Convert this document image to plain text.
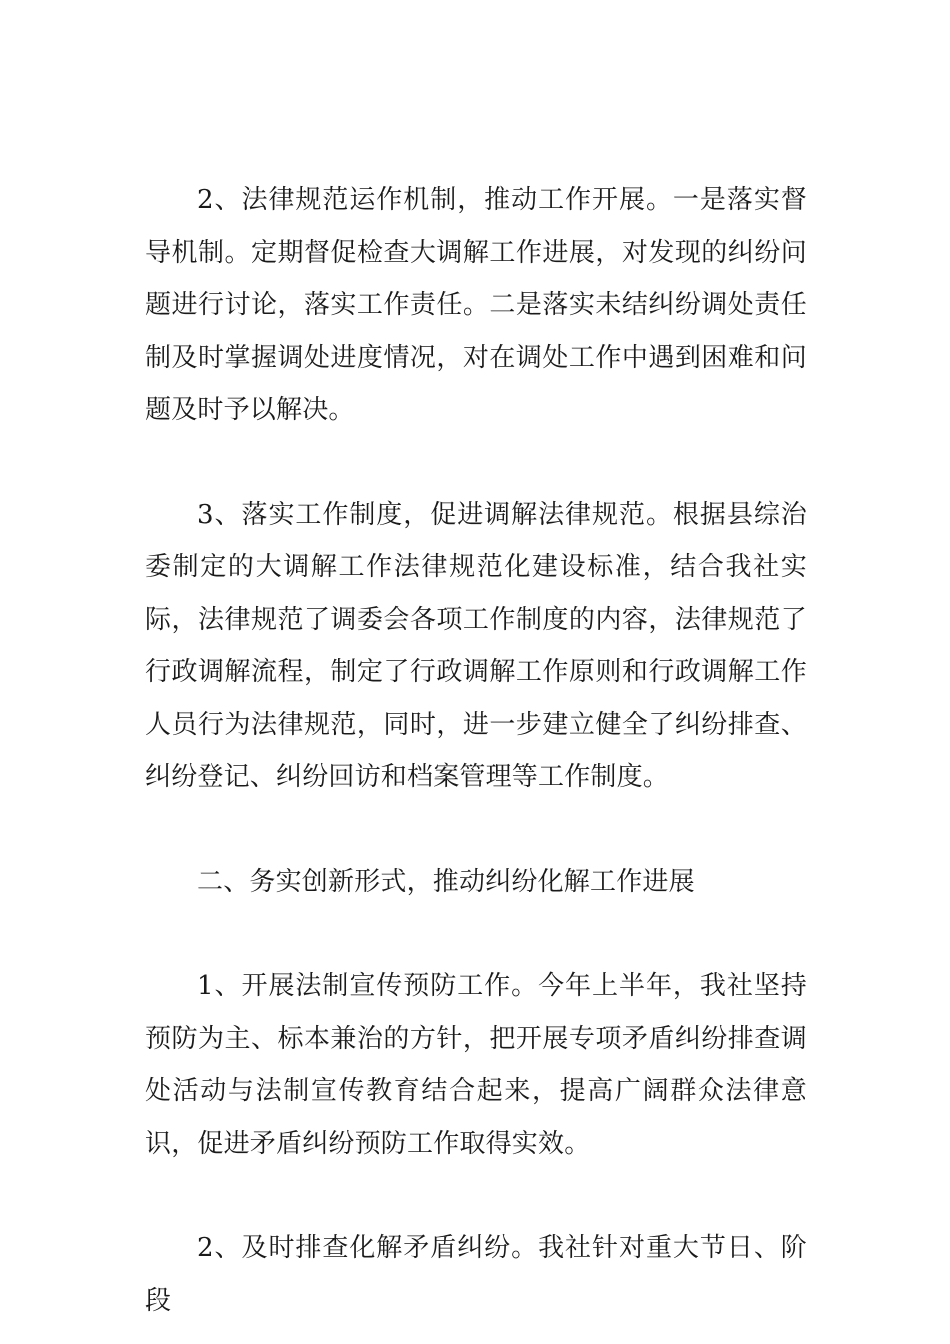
2、法律规范运作机制，推动工作开展。一是落实督导机制。定期督促检查大调解工作进展，对发现的纠纷问题进行讨论，落实工作责任。二是落实未结纠纷调处责任制及时掌握调处进度情况，对在调处工作中遇到困难和问题及时予以解决。

3、落实工作制度，促进调解法律规范。根据县综治委制定的大调解工作法律规范化建设标准，结合我社实际，法律规范了调委会各项工作制度的内容，法律规范了行政调解流程，制定了行政调解工作原则和行政调解工作人员行为法律规范，同时，进一步建立健全了纠纷排查、纠纷登记、纠纷回访和档案管理等工作制度。

二、务实创新形式，推动纠纷化解工作进展

1、开展法制宣传预防工作。今年上半年，我社坚持预防为主、标本兼治的方针，把开展专项矛盾纠纷排查调处活动与法制宣传教育结合起来，提高广阔群众法律意识，促进矛盾纠纷预防工作取得实效。

2、及时排查化解矛盾纠纷。我社针对重大节日、阶段
